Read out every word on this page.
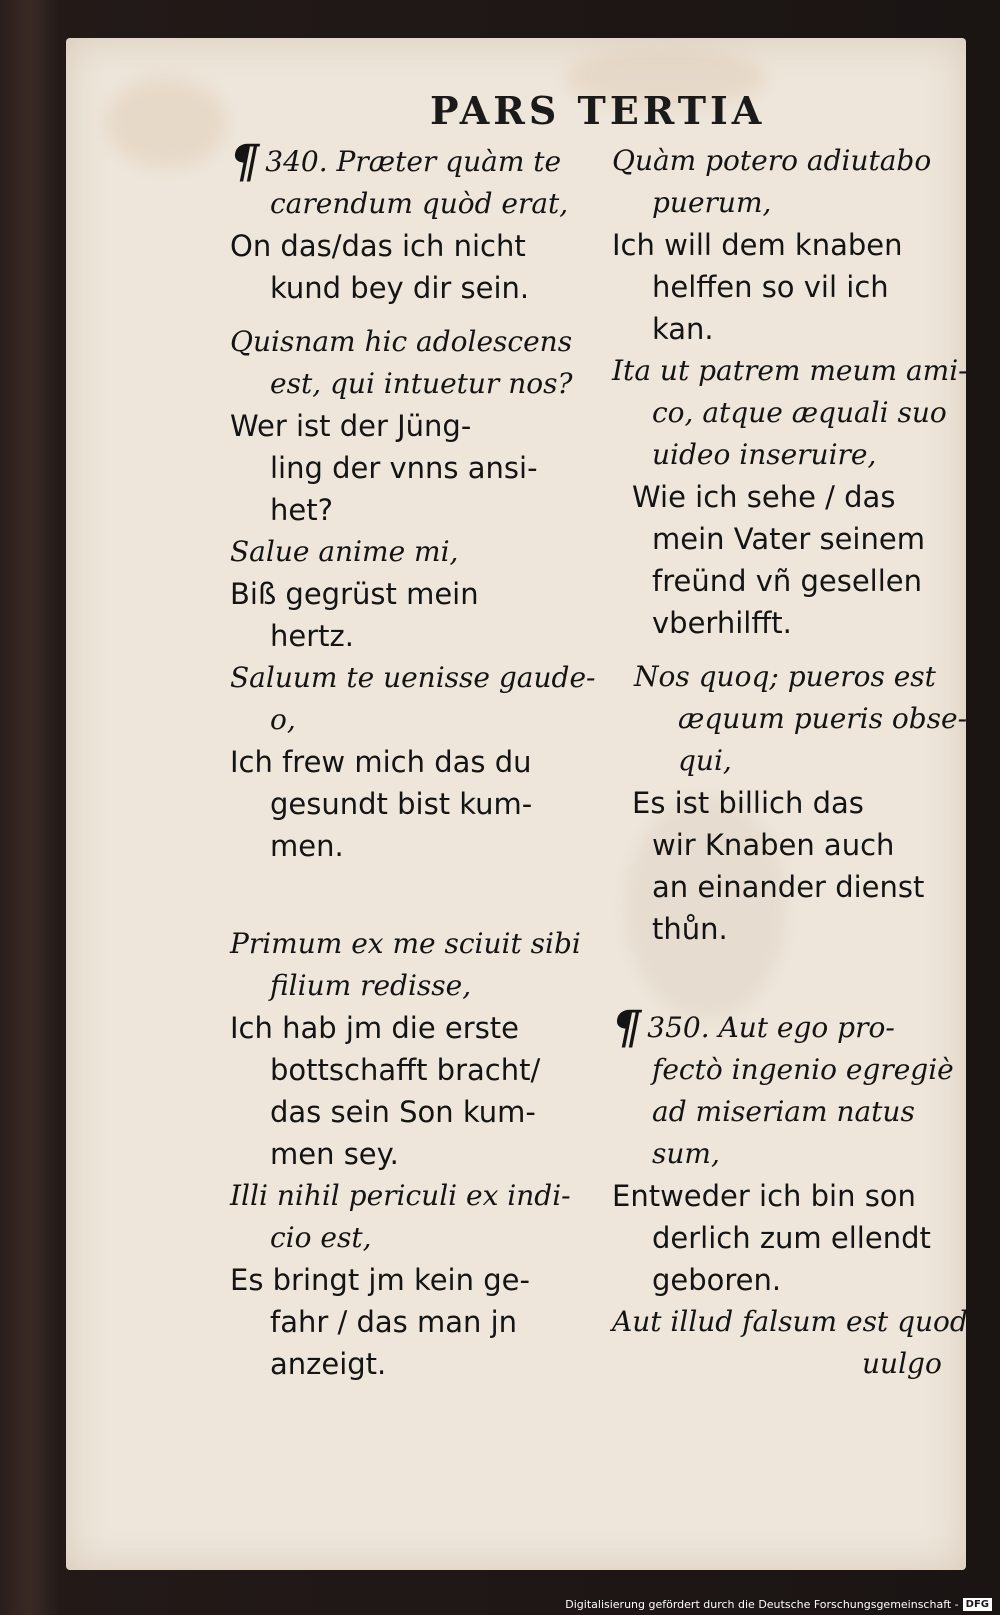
PARS TERTIA

¶ 340. Præter quàm te

carendum quòd erat,

On das/das ich nicht

kund bey dir sein.

Quisnam hic adolescens

est, qui intuetur nos?

Wer ist der Jüng-

ling der vnns ansi-

het?

Salue anime mi,

Biß gegrüst mein

hertz.

Saluum te uenisse gaude-

o,

Ich frew mich das du

gesundt bist kum-

men.

Primum ex me sciuit sibi

filium redisse,

Ich hab jm die erste

bottschafft bracht/

das sein Son kum-

men sey.

Illi nihil periculi ex indi-

cio est,

Es bringt jm kein ge-

fahr / das man jn

anzeigt.

Quàm potero adiutabo

puerum,

Ich will dem knaben

helffen so vil ich

kan.

Ita ut patrem meum ami-

co, atque æquali suo

uideo inseruire,

Wie ich sehe / das

mein Vater seinem

freünd vñ gesellen

vberhilfft.

Nos quoq; pueros est

æquum pueris obse-

qui,

Es ist billich das

wir Knaben auch

an einander dienst

thůn.

¶ 350. Aut ego pro-

fectò ingenio egregiè

ad miseriam natus

sum,

Entweder ich bin son

derlich zum ellendt

geboren.

Aut illud falsum est quod

uulgo

Digitalisierung gefördert durch die Deutsche Forschungsgemeinschaft - DFG
